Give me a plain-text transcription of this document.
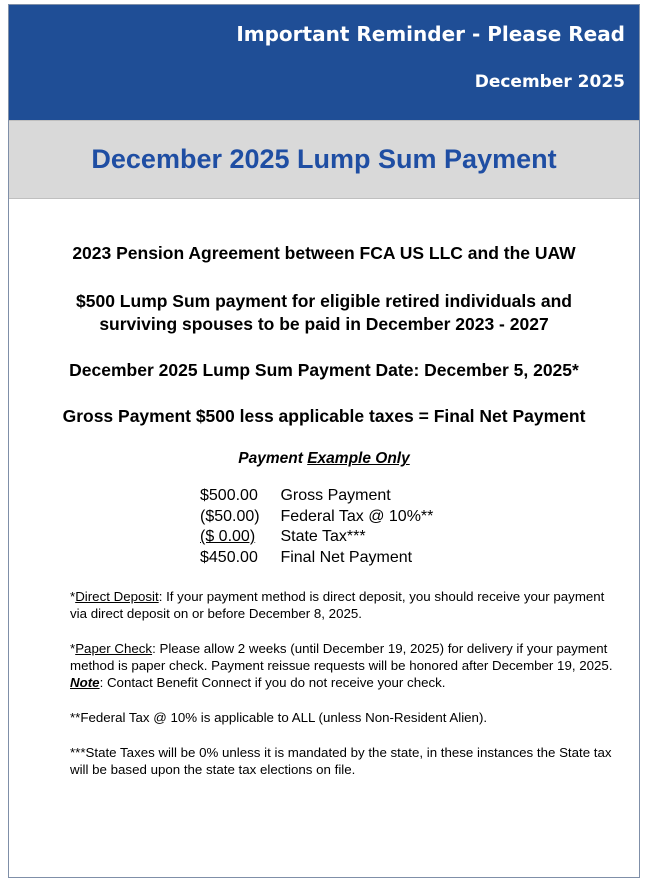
Important Reminder - Please Read
December 2025
December 2025 Lump Sum Payment
2023 Pension Agreement between FCA US LLC and the UAW
$500 Lump Sum payment for eligible retired individuals and
surviving spouses to be paid in December 2023 - 2027
December 2025 Lump Sum Payment Date: December 5, 2025*
Gross Payment $500 less applicable taxes = Final Net Payment
Payment Example Only
$500.00 Gross Payment
($50.00) Federal Tax @ 10%**
($ 0.00) State Tax***
$450.00 Final Net Payment
*Direct Deposit: If your payment method is direct deposit, you should receive your payment via direct deposit on or before December 8, 2025.
*Paper Check: Please allow 2 weeks (until December 19, 2025) for delivery if your payment method is paper check. Payment reissue requests will be honored after December 19, 2025. Note: Contact Benefit Connect if you do not receive your check.
**Federal Tax @ 10% is applicable to ALL (unless Non-Resident Alien).
***State Taxes will be 0% unless it is mandated by the state, in these instances the State tax will be based upon the state tax elections on file.
